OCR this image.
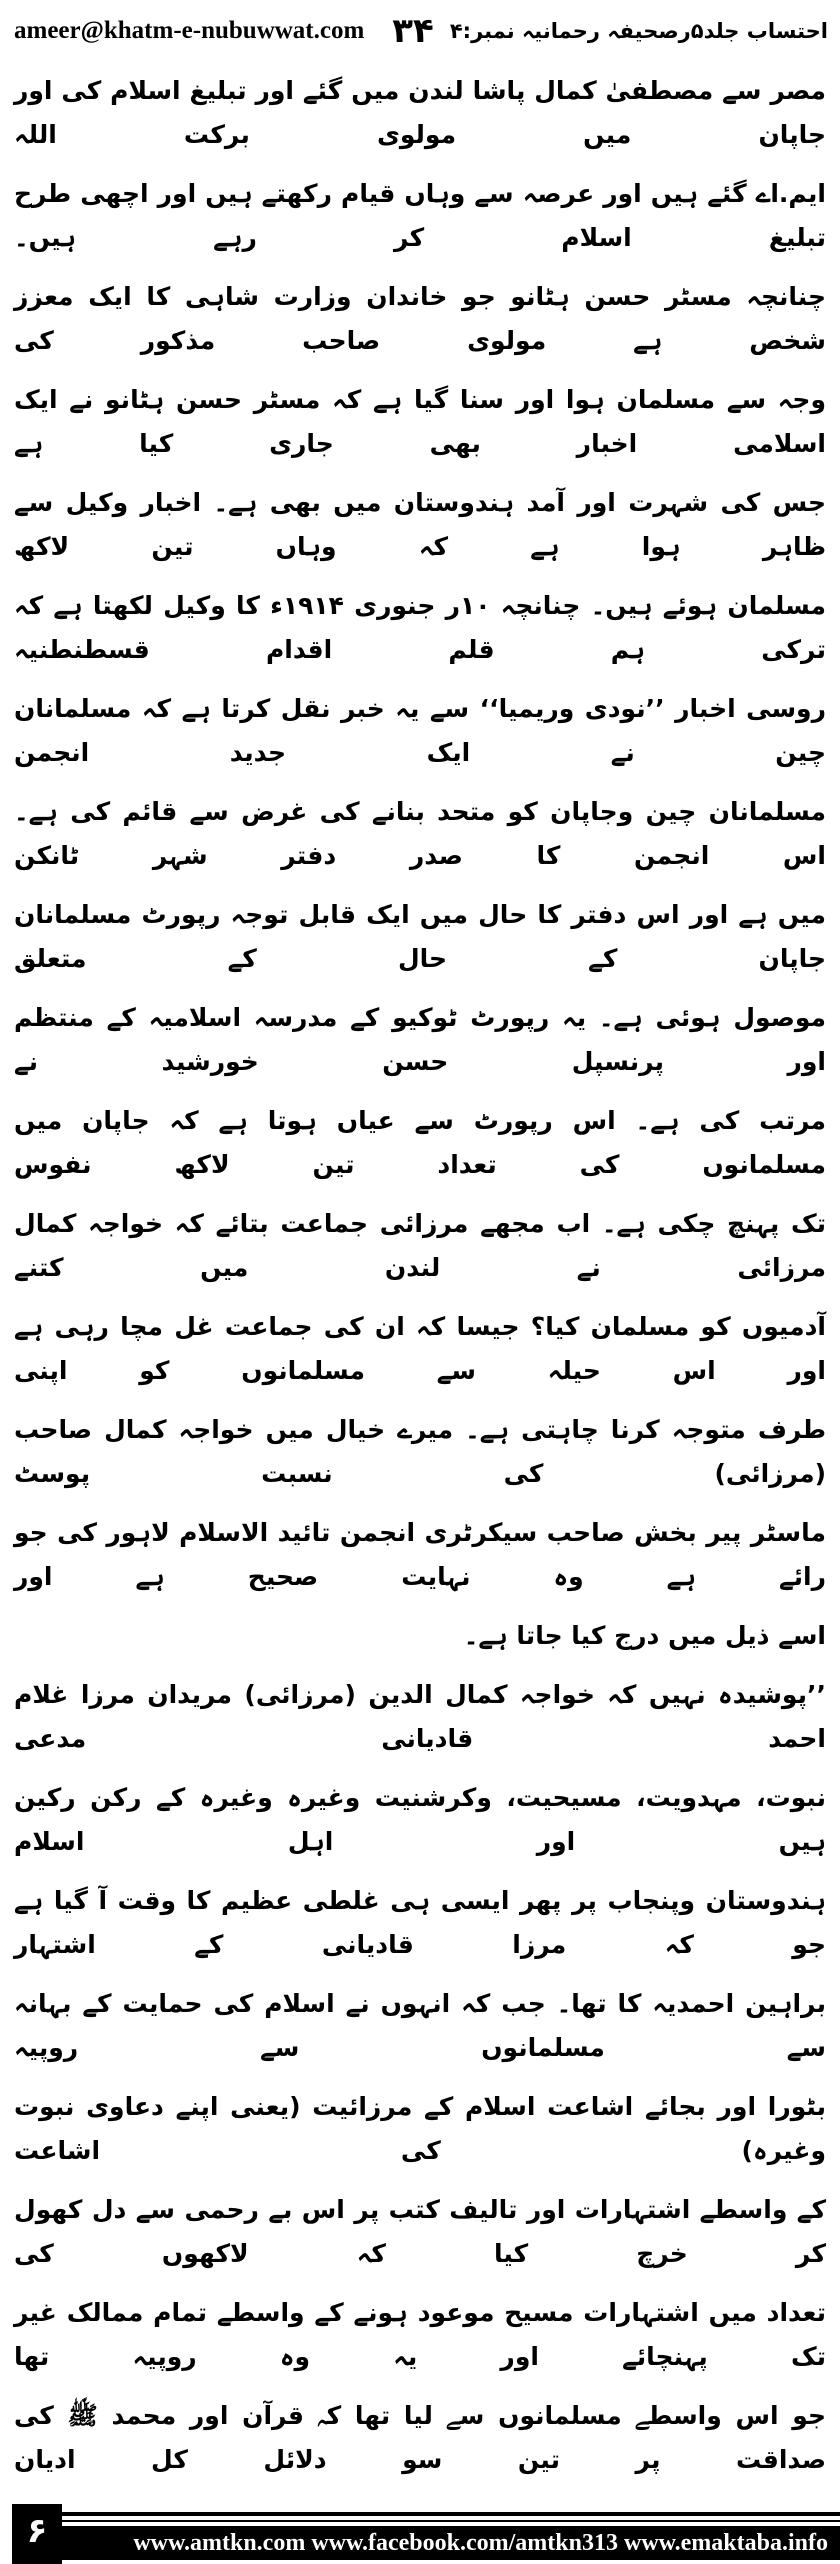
ameer@khatm-e-nubuwwat.com ۳۴ احتساب جلد۵رصحیفہ رحمانیہ نمبر:۴
مصر سے مصطفیٰ کمال پاشا لندن میں گئے اور تبلیغ اسلام کی اور جاپان میں مولوی برکت اللہ
ایم.اے گئے ہیں اور عرصہ سے وہاں قیام رکھتے ہیں اور اچھی طرح تبلیغ اسلام کر رہے ہیں۔
چنانچہ مسٹر حسن ہٹانو جو خاندان وزارت شاہی کا ایک معزز شخص ہے مولوی صاحب مذکور کی
وجہ سے مسلمان ہوا اور سنا گیا ہے کہ مسٹر حسن ہٹانو نے ایک اسلامی اخبار بھی جاری کیا ہے
جس کی شہرت اور آمد ہندوستان میں بھی ہے۔ اخبار وکیل سے ظاہر ہوا ہے کہ وہاں تین لاکھ
مسلمان ہوئے ہیں۔ چنانچہ ۱۰ر جنوری ۱۹۱۴ء کا وکیل لکھتا ہے کہ ترکی ہم قلم اقدام قسطنطنیہ
روسی اخبار ’’نودی وریمیا‘‘ سے یہ خبر نقل کرتا ہے کہ مسلمانان چین نے ایک جدید انجمن
مسلمانان چین وجاپان کو متحد بنانے کی غرض سے قائم کی ہے۔ اس انجمن کا صدر دفتر شہر ٹانکن
میں ہے اور اس دفتر کا حال میں ایک قابل توجہ رپورٹ مسلمانان جاپان کے حال کے متعلق
موصول ہوئی ہے۔ یہ رپورٹ ٹوکیو کے مدرسہ اسلامیہ کے منتظم اور پرنسپل حسن خورشید نے
مرتب کی ہے۔ اس رپورٹ سے عیاں ہوتا ہے کہ جاپان میں مسلمانوں کی تعداد تین لاکھ نفوس
تک پہنچ چکی ہے۔ اب مجھے مرزائی جماعت بتائے کہ خواجہ کمال مرزائی نے لندن میں کتنے
آدمیوں کو مسلمان کیا؟ جیسا کہ ان کی جماعت غل مچا رہی ہے اور اس حیلہ سے مسلمانوں کو اپنی
طرف متوجہ کرنا چاہتی ہے۔ میرے خیال میں خواجہ کمال صاحب (مرزائی) کی نسبت پوسٹ
ماسٹر پیر بخش صاحب سیکرٹری انجمن تائید الاسلام لاہور کی جو رائے ہے وہ نہایت صحیح ہے اور
اسے ذیل میں درج کیا جاتا ہے۔
’’پوشیدہ نہیں کہ خواجہ کمال الدین (مرزائی) مریدان مرزا غلام احمد قادیانی مدعی
نبوت، مہدویت، مسیحیت، وکرشنیت وغیرہ وغیرہ کے رکن رکین ہیں اور اہل اسلام
ہندوستان وپنجاب پر پھر ایسی ہی غلطی عظیم کا وقت آ گیا ہے جو کہ مرزا قادیانی کے اشتہار
براہین احمدیہ کا تھا۔ جب کہ انہوں نے اسلام کی حمایت کے بہانہ سے مسلمانوں سے روپیہ
بٹورا اور بجائے اشاعت اسلام کے مرزائیت (یعنی اپنے دعاوی نبوت وغیرہ) کی اشاعت
کے واسطے اشتہارات اور تالیف کتب پر اس بے رحمی سے دل کھول کر خرچ کیا کہ لاکھوں کی
تعداد میں اشتہارات مسیح موعود ہونے کے واسطے تمام ممالک غیر تک پہنچائے اور یہ وہ روپیہ تھا
جو اس واسطے مسلمانوں سے لیا تھا کہ قرآن اور محمد ﷺ کی صداقت پر تین سو دلائل کل ادیان
۶	www.amtkn.com www.facebook.com/amtkn313 www.emaktaba.info
